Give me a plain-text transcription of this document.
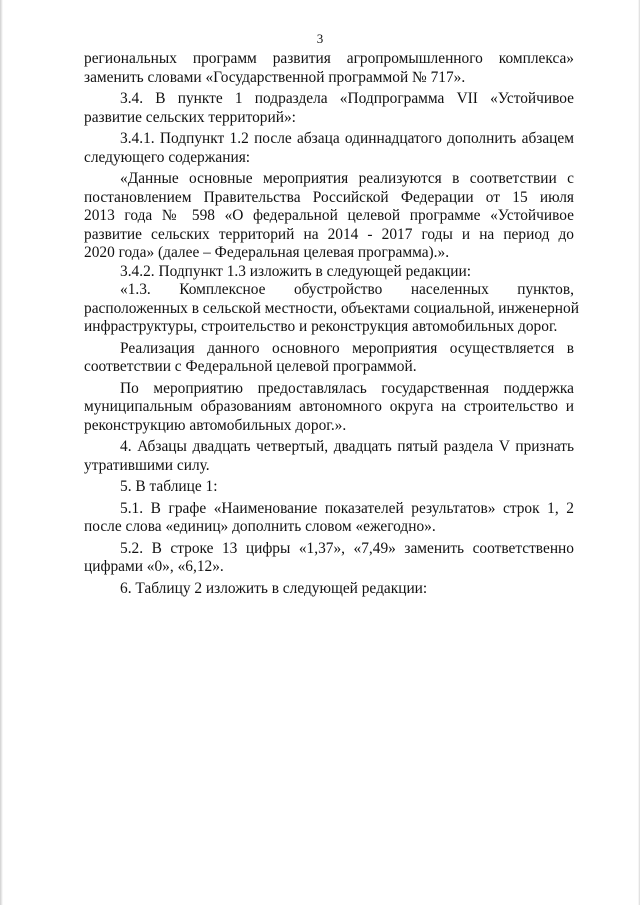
3
региональных программ развития агропромышленного комплекса»
заменить словами «Государственной программой № 717».
3.4. В пункте 1 подраздела «Подпрограмма VII «Устойчивое
развитие сельских территорий»:
3.4.1. Подпункт 1.2 после абзаца одиннадцатого дополнить абзацем
следующего содержания:
«Данные основные мероприятия реализуются в соответствии с
постановлением Правительства Российской Федерации от 15 июля
2013 года № 598 «О федеральной целевой программе «Устойчивое
развитие сельских территорий на 2014 - 2017 годы и на период до
2020 года» (далее – Федеральная целевая программа).».
3.4.2. Подпункт 1.3 изложить в следующей редакции:
«1.3. Комплексное обустройство населенных пунктов,
расположенных в сельской местности, объектами социальной, инженерной
инфраструктуры, строительство и реконструкция автомобильных дорог.
Реализация данного основного мероприятия осуществляется в
соответствии с Федеральной целевой программой.
По мероприятию предоставлялась государственная поддержка
муниципальным образованиям автономного округа на строительство и
реконструкцию автомобильных дорог.».
4. Абзацы двадцать четвертый, двадцать пятый раздела V признать
утратившими силу.
5. В таблице 1:
5.1. В графе «Наименование показателей результатов» строк 1, 2
после слова «единиц» дополнить словом «ежегодно».
5.2. В строке 13 цифры «1,37», «7,49» заменить соответственно
цифрами «0», «6,12».
6. Таблицу 2 изложить в следующей редакции:
